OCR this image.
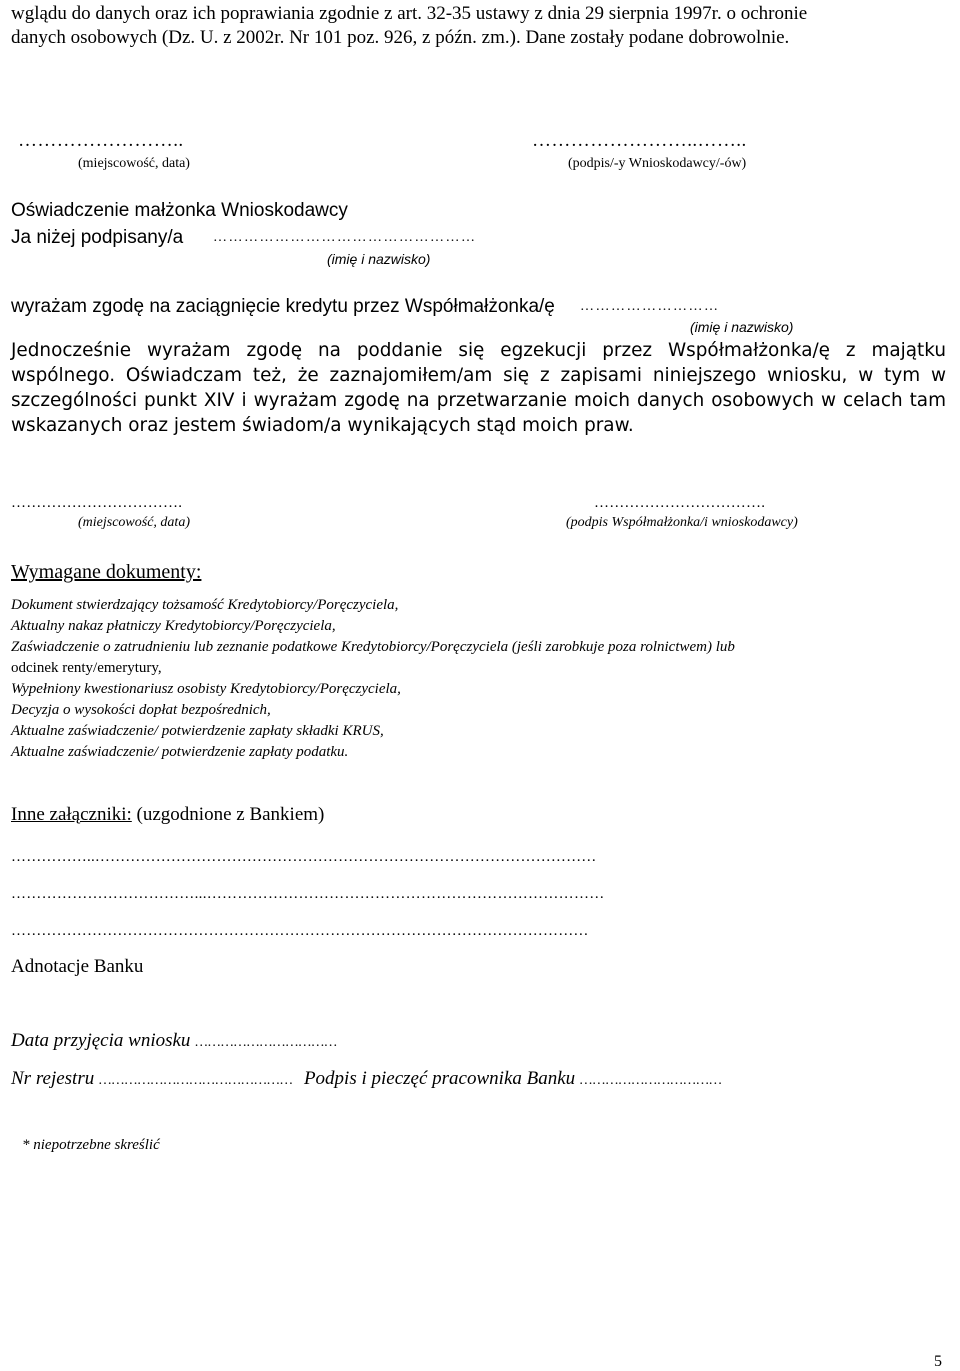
wglądu do danych oraz ich poprawiania zgodnie z art. 32-35 ustawy z dnia 29 sierpnia 1997r. o ochronie
danych osobowych (Dz. U. z 2002r. Nr 101 poz. 926, z późn. zm.). Dane zostały podane dobrowolnie.
……………………..
(miejscowość, data)
……………………..……..
(podpis/-y Wnioskodawcy/-ów)
Oświadczenie małżonka Wnioskodawcy
Ja niżej podpisany/a ……………………………………………
(imię i nazwisko)
wyrażam zgodę na zaciągnięcie kredytu przez Współmałżonka/ę ………………………
(imię i nazwisko)
Jednocześnie wyrażam zgodę na poddanie się egzekucji przez Współmałżonka/ę z majątku wspólnego. Oświadczam też, że zaznajomiłem/am się z zapisami niniejszego wniosku, w tym w szczególności punkt XIV i wyrażam zgodę na przetwarzanie moich danych osobowych w celach tam wskazanych oraz jestem świadom/a wynikających stąd moich praw.
…………………………….
(miejscowość, data)
…………………………….
(podpis Współmałżonka/i wnioskodawcy)
Wymagane dokumenty:
Dokument stwierdzający tożsamość Kredytobiorcy/Poręczyciela,
Aktualny nakaz płatniczy Kredytobiorcy/Poręczyciela,
Zaświadczenie o zatrudnieniu lub zeznanie podatkowe Kredytobiorcy/Poręczyciela (jeśli zarobkuje poza rolnictwem) lub
odcinek renty/emerytury,
Wypełniony kwestionariusz osobisty Kredytobiorcy/Poręczyciela,
Decyzja o wysokości dopłat bezpośrednich,
Aktualne zaświadczenie/ potwierdzenie zapłaty składki KRUS,
Aktualne zaświadczenie/ potwierdzenie zapłaty podatku.
Inne załączniki: (uzgodnione z Bankiem)
……………..………………………………………………………………………………………
………………………………...……………………………………………………………………
……………………………………………………………………………………………………
Adnotacje Banku
Data przyjęcia wniosku ……………………………
Nr rejestru ……………………………………… Podpis i pieczęć pracownika Banku ……………………………
* niepotrzebne skreślić
5
